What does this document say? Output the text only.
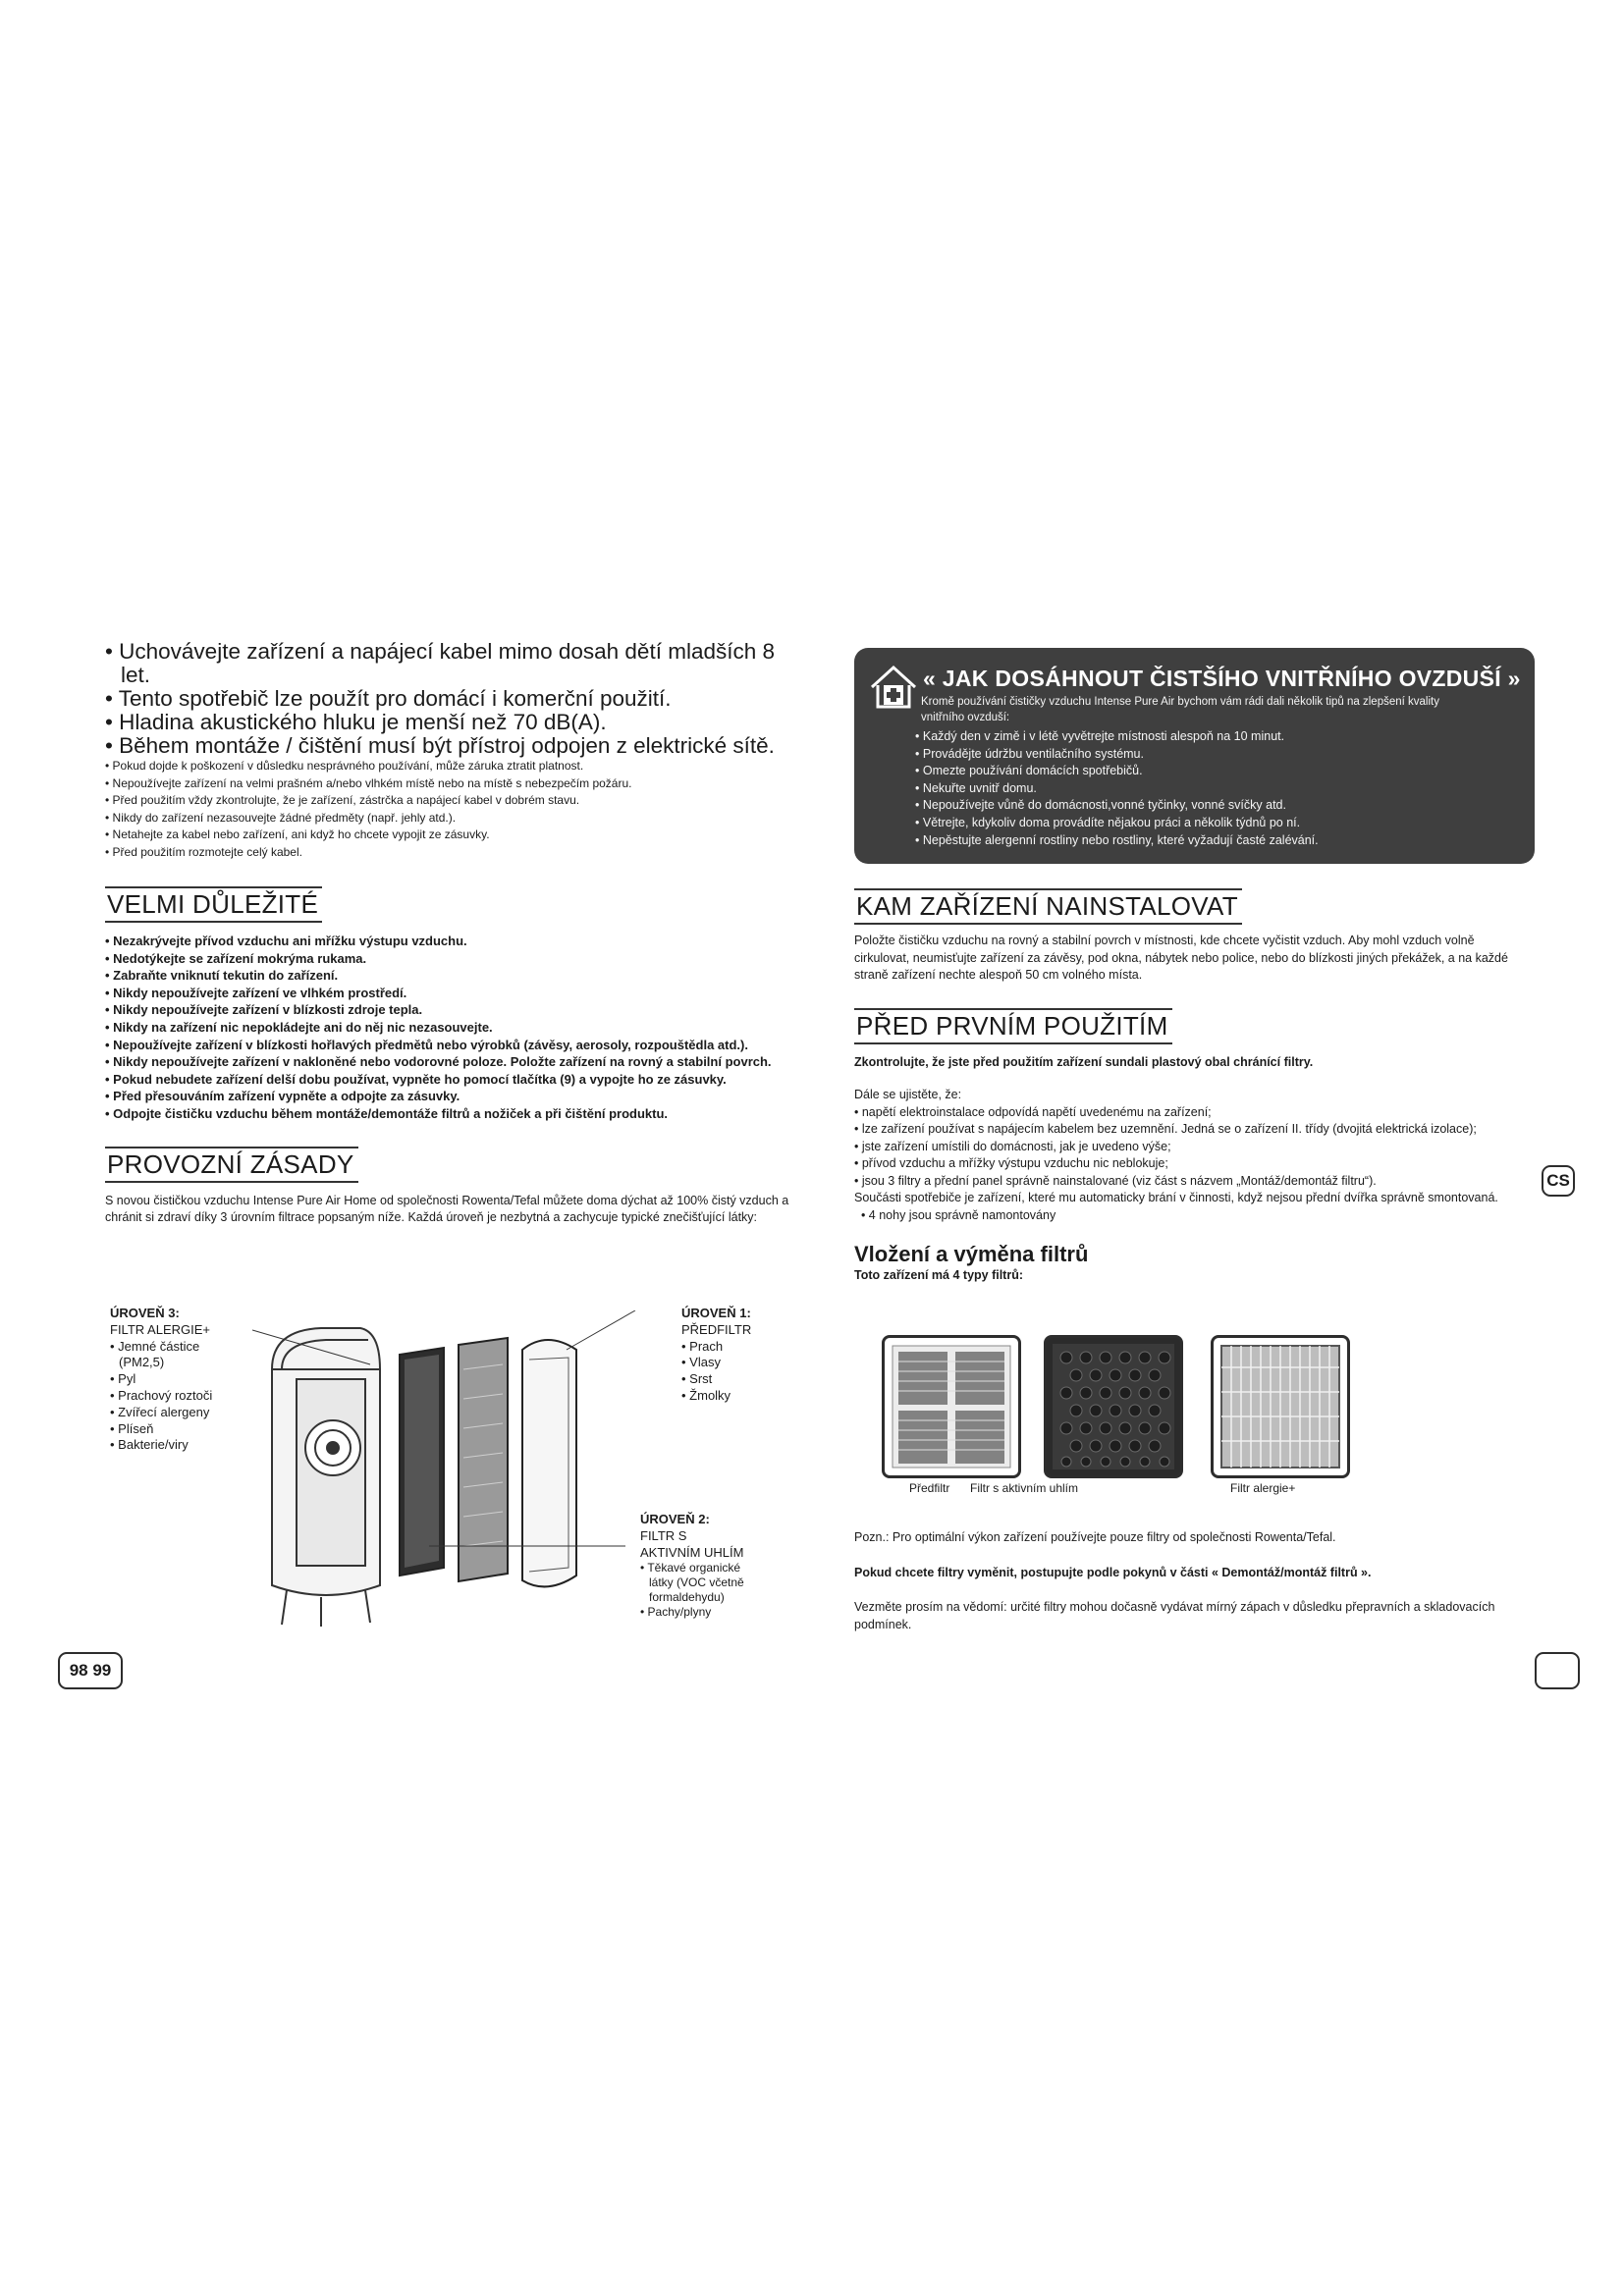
• Uchovávejte zařízení a napájecí kabel mimo dosah dětí mladších 8 let.
• Tento spotřebič lze použít pro domácí i komerční použití.
• Hladina akustického hluku je menší než 70 dB(A).
• Během montáže / čištění musí být přístroj odpojen z elektrické sítě.
• Pokud dojde k poškození v důsledku nesprávného používání, může záruka ztratit platnost.
• Nepoužívejte zařízení na velmi prašném a/nebo vlhkém místě nebo na místě s nebezpečím požáru.
• Před použitím vždy zkontrolujte, že je zařízení, zástrčka a napájecí kabel v dobrém stavu.
• Nikdy do zařízení nezasouvejte žádné předměty (např. jehly atd.).
• Netahejte za kabel nebo zařízení, ani když ho chcete vypojit ze zásuvky.
• Před použitím rozmotejte celý kabel.
VELMI DŮLEŽITÉ
• Nezakrývejte přívod vzduchu ani mřížku výstupu vzduchu.
• Nedotýkejte se zařízení mokrýma rukama.
• Zabraňte vniknutí tekutin do zařízení.
• Nikdy nepoužívejte zařízení ve vlhkém prostředí.
• Nikdy nepoužívejte zařízení v blízkosti zdroje tepla.
• Nikdy na zařízení nic nepokládejte ani do něj nic nezasouvejte.
• Nepoužívejte zařízení v blízkosti hořlavých předmětů nebo výrobků (závěsy, aerosoly, rozpouštědla atd.).
• Nikdy nepoužívejte zařízení v nakloněné nebo vodorovné poloze. Položte zařízení na rovný a stabilní povrch.
• Pokud nebudete zařízení delší dobu používat, vypněte ho pomocí tlačítka (9) a vypojte ho ze zásuvky.
• Před přesouváním zařízení vypněte a odpojte za zásuvky.
• Odpojte čističku vzduchu během montáže/demontáže filtrů a nožiček a při čištění produktu.
PROVOZNÍ ZÁSADY

S novou čističkou vzduchu Intense Pure Air Home od společnosti Rowenta/Tefal můžete doma dýchat až 100% čistý vzduch a chránit si zdraví díky 3 úrovním filtrace popsaným níže. Každá úroveň je nezbytná a zachycuje typické znečišťující látky:

ÚROVEŇ 3:
FILTR ALERGIE+
• Jemné částice (PM2,5)
• Pyl
• Prachový roztoči
• Zvířecí alergeny
• Plíseň
• Bakterie/viry
ÚROVEŇ 1:
PŘEDFILTR
• Prach
• Vlasy
• Srst
• Žmolky
ÚROVEŇ 2:
FILTR S AKTIVNÍM UHLÍM
• Těkavé organické látky (VOC včetně formaldehydu)
• Pachy/plyny
98 99
« JAK DOSÁHNOUT ČISTŠÍHO VNITŘNÍHO OVZDUŠÍ »
Kromě používání čističky vzduchu Intense Pure Air bychom vám rádi dali několik tipů na zlepšení kvality vnitřního ovzduší:
• Každý den v zimě i v létě vyvětrejte místnosti alespoň na 10 minut.
• Provádějte údržbu ventilačního systému.
• Omezte používání domácích spotřebičů.
• Nekuřte uvnitř domu.
• Nepoužívejte vůně do domácnosti,vonné tyčinky, vonné svíčky atd.
• Větrejte, kdykoliv doma provádíte nějakou práci a několik týdnů po ní.
• Nepěstujte alergenní rostliny nebo rostliny, které vyžadují časté zalévání.
KAM ZAŘÍZENÍ NAINSTALOVAT

Položte čističku vzduchu na rovný a stabilní povrch v místnosti, kde chcete vyčistit vzduch. Aby mohl vzduch volně cirkulovat, neumisťujte zařízení za závěsy, pod okna, nábytek nebo police, nebo do blízkosti jiných překážek, a na každé straně zařízení nechte alespoň 50 cm volného místa.

PŘED PRVNÍM POUŽITÍM

Zkontrolujte, že jste před použitím zařízení sundali plastový obal chránící filtry.

Dále se ujistěte, že:

• napětí elektroinstalace odpovídá napětí uvedenému na zařízení;

• lze zařízení používat s napájecím kabelem bez uzemnění. Jedná se o zařízení II. třídy (dvojitá elektrická izolace);

• jste zařízení umístili do domácnosti, jak je uvedeno výše;

• přívod vzduchu a mřížky výstupu vzduchu nic neblokuje;

• jsou 3 filtry a přední panel správně nainstalované (viz část s názvem „Montáž/demontáž filtru“).

Součásti spotřebiče je zařízení, které mu automaticky brání v činnosti, když nejsou přední dvířka správně smontovaná.

• 4 nohy jsou správně namontovány

Vložení a výměna filtrů

Toto zařízení má 4 typy filtrů:

Předfiltr	Filtr s aktivním uhlím	Filtr alergie+

Pozn.: Pro optimální výkon zařízení používejte pouze filtry od společnosti Rowenta/Tefal.

Pokud chcete filtry vyměnit, postupujte podle pokynů v části « Demontáž/montáž filtrů ».

Vezměte prosím na vědomí: určité filtry mohou dočasně vydávat mírný zápach v důsledku přepravních a skladovacích podmínek.

CS
